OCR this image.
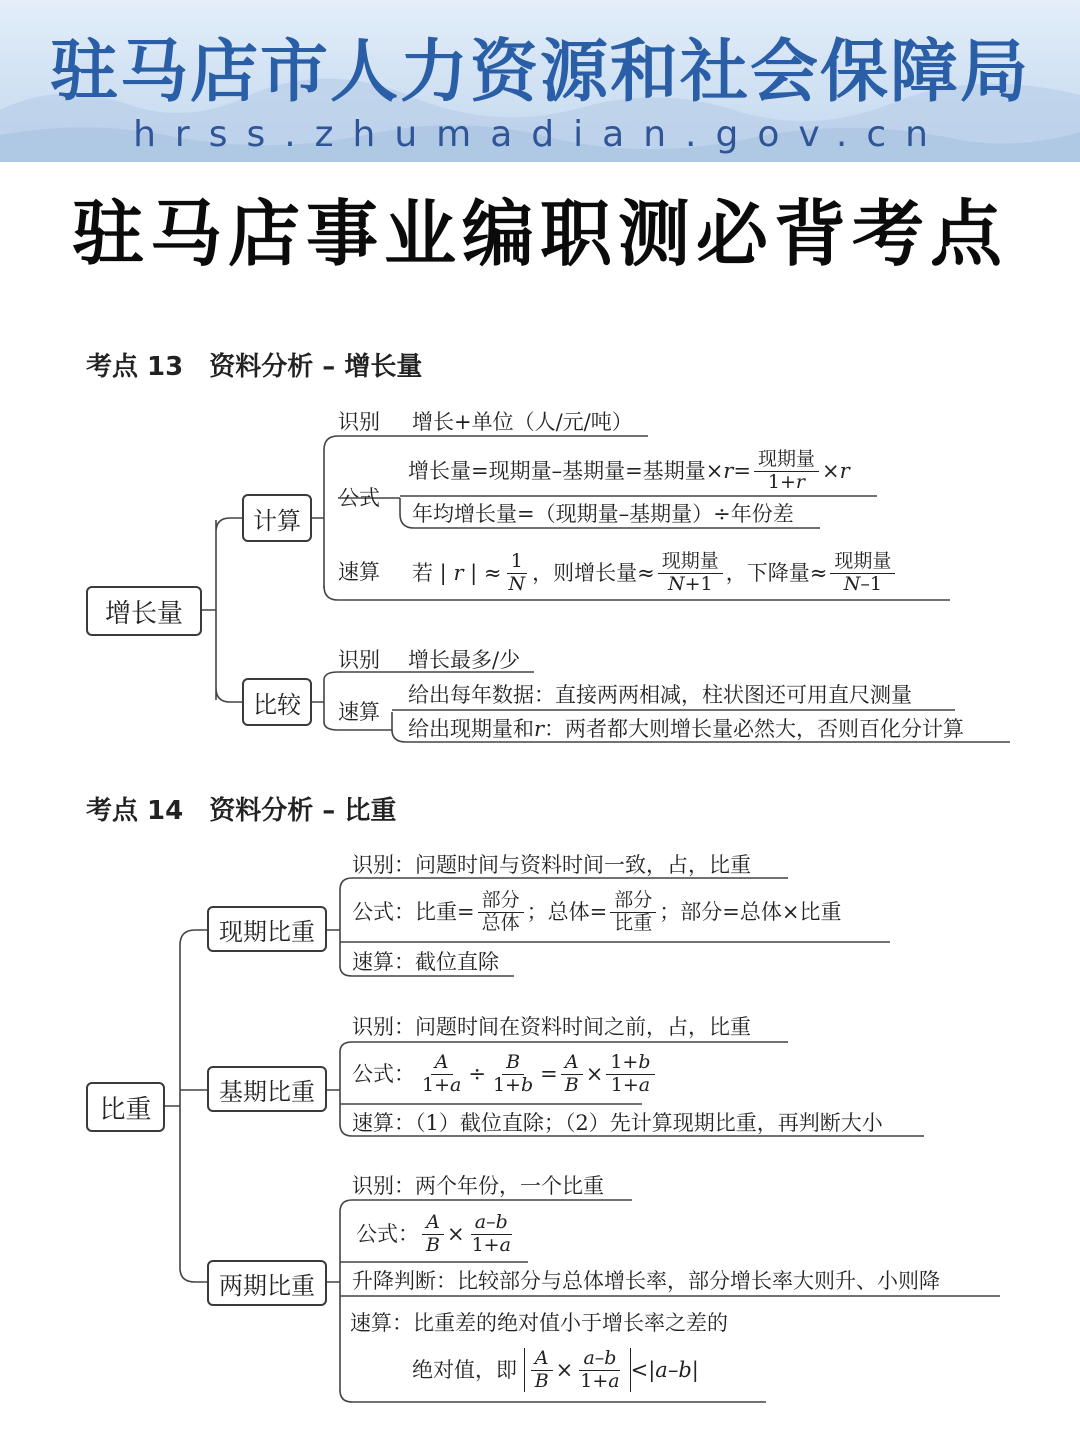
驻马店市人力资源和社会保障局
hrss.zhumadian.gov.cn
驻马店事业编职测必背考点
考点 13 资料分析 – 增长量
增长量
计算
比较
识别 增长+单位（人/元/吨）
公式
增长量=现期量–基期量=基期量× $r = \frac{\text{现期量}}{1+r} \times r$
年均增长量=（现期量–基期量）÷年份差
速算 若 | r | ≈ $\frac{1}{N}$ ，则增长量≈ $\frac{\text{现期量}}{N+1}$ ，下降量≈ $\frac{\text{现期量}}{N-1}$
识别 增长最多/少
速算
给出每年数据：直接两两相减，柱状图还可用直尺测量
给出现期量和r：两者都大则增长量必然大，否则百化分计算
考点 14 资料分析 – 比重
比重
现期比重
基期比重
两期比重
识别：问题时间与资料时间一致，占，比重
公式：比重= $\frac{\text{部分}}{\text{总体}}$ ；总体= $\frac{\text{部分}}{\text{比重}}$ ；部分=总体×比重
速算：截位直除
识别：问题时间在资料时间之前，占，比重
公式： $\frac{A}{1+a} \div \frac{B}{1+b} = \frac{A}{B} \times \frac{1+b}{1+a}$
速算：（1）截位直除；（2）先计算现期比重，再判断大小
识别：两个年份，一个比重
公式： $\frac{A}{B} \times \frac{a-b}{1+a}$
升降判断：比较部分与总体增长率，部分增长率大则升、小则降
速算：比重差的绝对值小于增长率之差的
绝对值，即
$\frac{A}{B} \times \frac{a-b}{1+a}$ < | a – b |
